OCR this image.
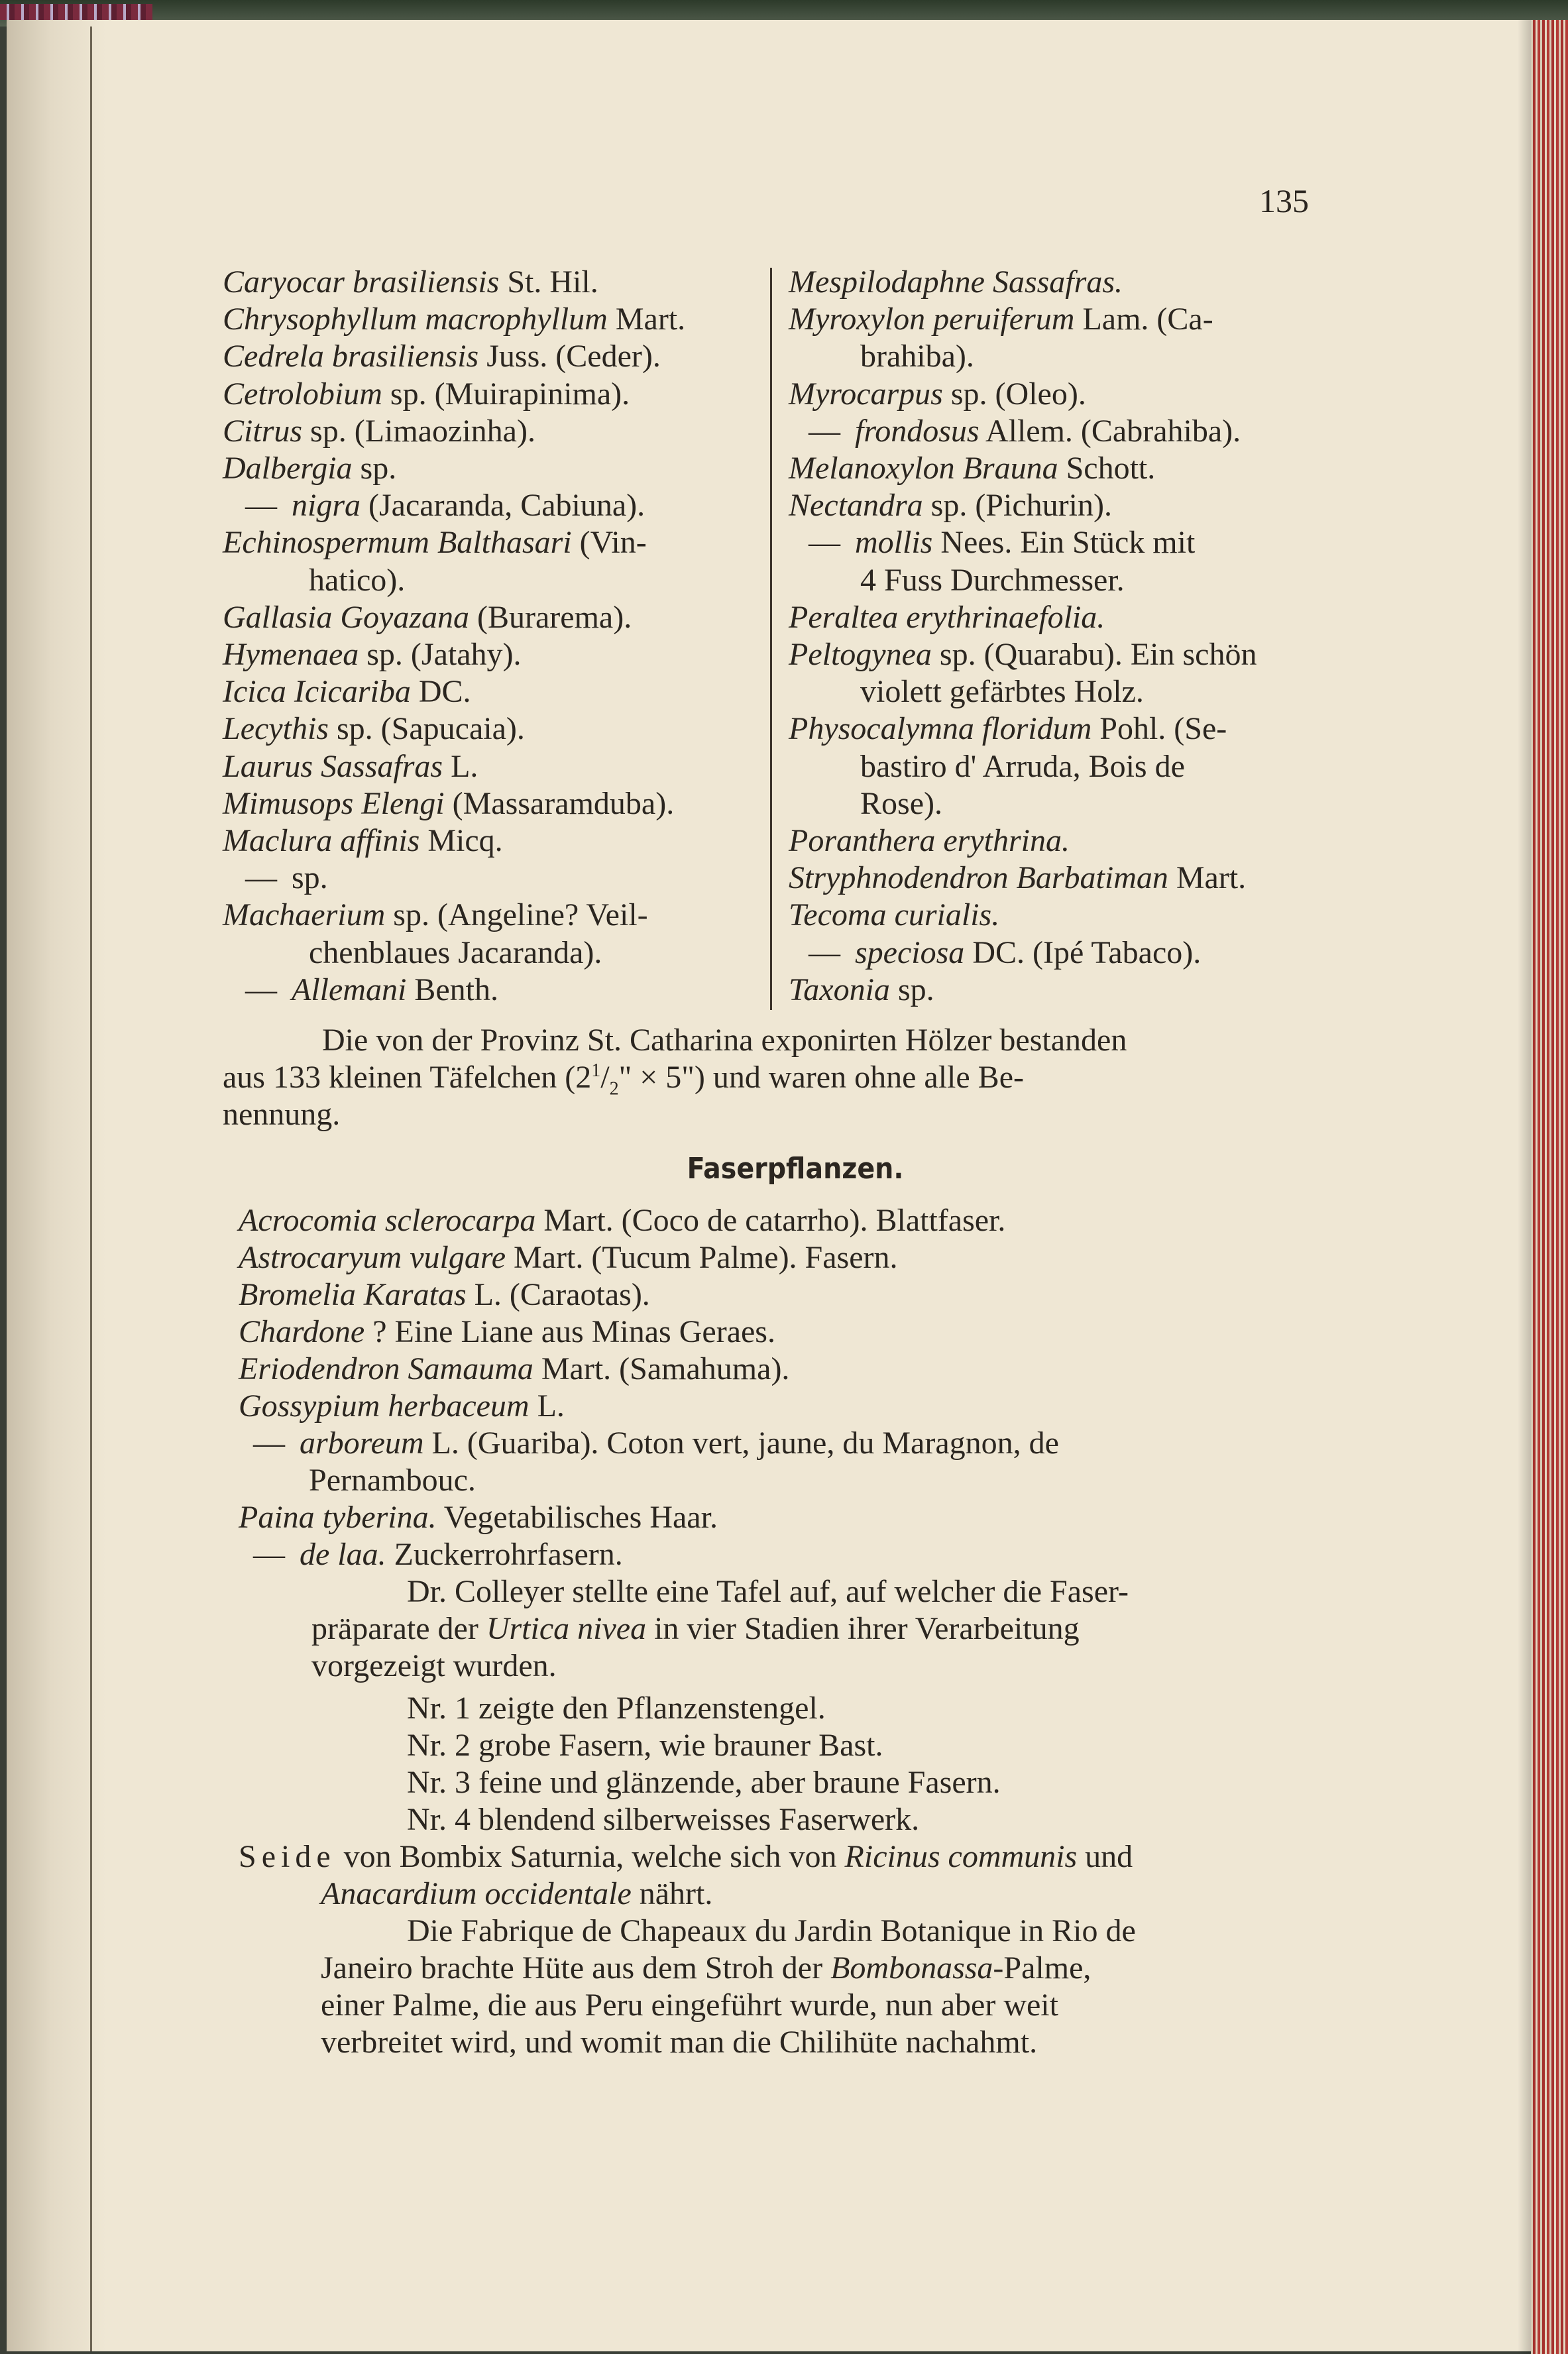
135
Caryocar brasiliensis St. Hil.
Chrysophyllum macrophyllum Mart.
Cedrela brasiliensis Juss. (Ceder).
Cetrolobium sp. (Muirapinima).
Citrus sp. (Limaozinha).
Dalbergia sp.
— nigra (Jacaranda, Cabiuna).
Echinospermum Balthasari (Vin-
hatico).
Gallasia Goyazana (Burarema).
Hymenaea sp. (Jatahy).
Icica Icicariba DC.
Lecythis sp. (Sapucaia).
Laurus Sassafras L.
Mimusops Elengi (Massaramduba).
Maclura affinis Micq.
— sp.
Machaerium sp. (Angeline? Veil-
chenblaues Jacaranda).
— Allemani Benth.
Mespilodaphne Sassafras.
Myroxylon peruiferum Lam. (Ca-
brahiba).
Myrocarpus sp. (Oleo).
— frondosus Allem. (Cabrahiba).
Melanoxylon Brauna Schott.
Nectandra sp. (Pichurin).
— mollis Nees. Ein Stück mit
4 Fuss Durchmesser.
Peraltea erythrinaefolia.
Peltogynea sp. (Quarabu). Ein schön
violett gefärbtes Holz.
Physocalymna floridum Pohl. (Se-
bastiro d' Arruda, Bois de
Rose).
Poranthera erythrina.
Stryphnodendron Barbatiman Mart.
Tecoma curialis.
— speciosa DC. (Ipé Tabaco).
Taxonia sp.
Die von der Provinz St. Catharina exponirten Hölzer bestanden
aus 133 kleinen Täfelchen ($2^1/_2$" × 5") und waren ohne alle Be-
nennung.
Faserpflanzen.
Acrocomia sclerocarpa Mart. (Coco de catarrho). Blattfaser.
Astrocaryum vulgare Mart. (Tucum Palme). Fasern.
Bromelia Karatas L. (Caraotas).
Chardone ? Eine Liane aus Minas Geraes.
Eriodendron Samauma Mart. (Samahuma).
Gossypium herbaceum L.
— arboreum L. (Guariba). Coton vert, jaune, du Maragnon, de
Pernambouc.
Paina tyberina. Vegetabilisches Haar.
— de laa. Zuckerrohrfasern.
Dr. Colleyer stellte eine Tafel auf, auf welcher die Faser-
präparate der Urtica nivea in vier Stadien ihrer Verarbeitung
vorgezeigt wurden.
Nr. 1 zeigte den Pflanzenstengel.
Nr. 2 grobe Fasern, wie brauner Bast.
Nr. 3 feine und glänzende, aber braune Fasern.
Nr. 4 blendend silberweisses Faserwerk.
Seide von Bombix Saturnia, welche sich von Ricinus communis und
Anacardium occidentale nährt.
Die Fabrique de Chapeaux du Jardin Botanique in Rio de
Janeiro brachte Hüte aus dem Stroh der Bombonassa-Palme,
einer Palme, die aus Peru eingeführt wurde, nun aber weit
verbreitet wird, und womit man die Chilihüte nachahmt.
